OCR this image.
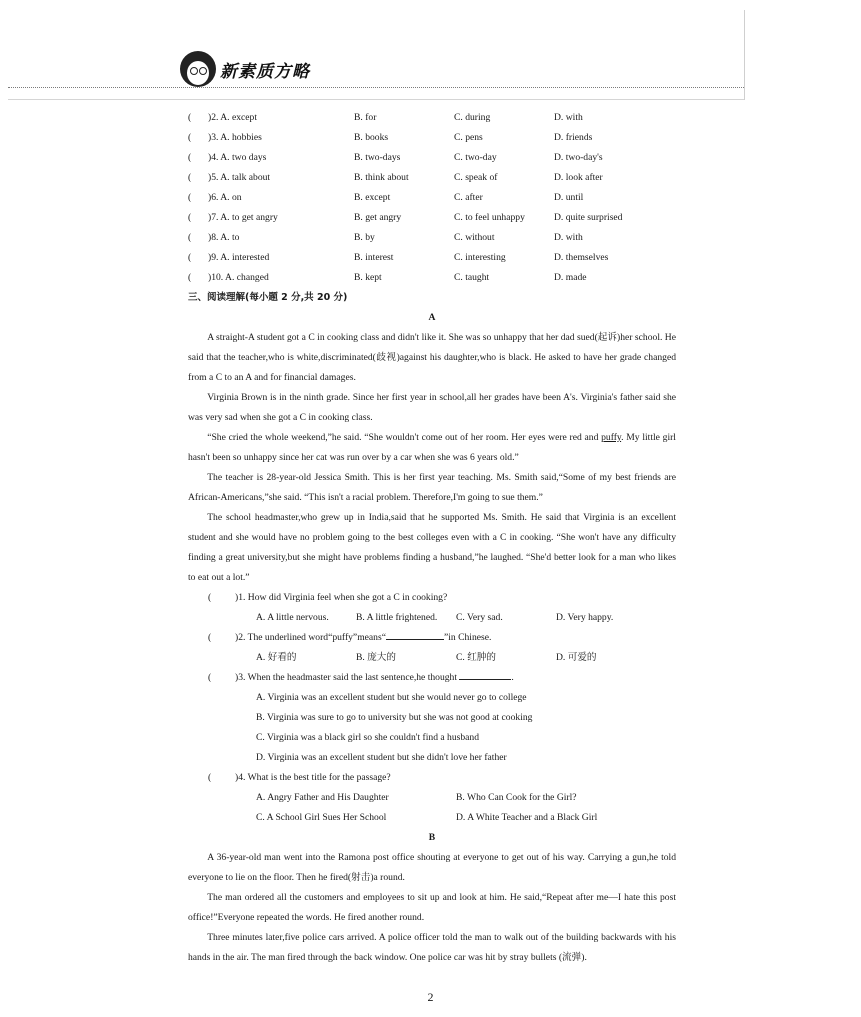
新素质方略
(	)2. A. except	B. for	C. during	D. with
(	)3. A. hobbies	B. books	C. pens	D. friends
(	)4. A. two days	B. two-days	C. two-day	D. two-day's
(	)5. A. talk about	B. think about	C. speak of	D. look after
(	)6. A. on	B. except	C. after	D. until
(	)7. A. to get angry	B. get angry	C. to feel unhappy	D. quite surprised
(	)8. A. to	B. by	C. without	D. with
(	)9. A. interested	B. interest	C. interesting	D. themselves
(	)10. A. changed	B. kept	C. taught	D. made
三、阅读理解(每小题 2 分,共 20 分)
A
A straight-A student got a C in cooking class and didn't like it. She was so unhappy that her dad sued(起诉)her school. He said that the teacher,who is white,discriminated(歧视)against his daughter,who is black. He asked to have her grade changed from a C to an A and for financial damages.
Virginia Brown is in the ninth grade. Since her first year in school,all her grades have been A's. Virginia's father said she was very sad when she got a C in cooking class.
“She cried the whole weekend,”he said. “She wouldn't come out of her room. Her eyes were red and puffy. My little girl hasn't been so unhappy since her cat was run over by a car when she was 6 years old.”
The teacher is 28-year-old Jessica Smith. This is her first year teaching. Ms. Smith said,“Some of my best friends are African-Americans,”she said. “This isn't a racial problem. Therefore,I'm going to sue them.”
The school headmaster,who grew up in India,said that he supported Ms. Smith. He said that Virginia is an excellent student and she would have no problem going to the best colleges even with a C in cooking. “She won't have any difficulty finding a great university,but she might have problems finding a husband,”he laughed. “She'd better look for a man who likes to eat out a lot.”
(	)1. How did Virginia feel when she got a C in cooking?
A. A little nervous.	B. A little frightened.	C. Very sad.	D. Very happy.
(	)2. The underlined word“puffy”means“	”in Chinese.
A. 好看的	B. 庞大的	C. 红肿的	D. 可爱的
(	)3. When the headmaster said the last sentence,he thought	.
A. Virginia was an excellent student but she would never go to college
B. Virginia was sure to go to university but she was not good at cooking
C. Virginia was a black girl so she couldn't find a husband
D. Virginia was an excellent student but she didn't love her father
(	)4. What is the best title for the passage?
A. Angry Father and His Daughter	B. Who Can Cook for the Girl?
C. A School Girl Sues Her School	D. A White Teacher and a Black Girl
B
A 36-year-old man went into the Ramona post office shouting at everyone to get out of his way. Carrying a gun,he told everyone to lie on the floor. Then he fired(射击)a round.
The man ordered all the customers and employees to sit up and look at him. He said,“Repeat after me—I hate this post office!”Everyone repeated the words. He fired another round.
Three minutes later,five police cars arrived. A police officer told the man to walk out of the building backwards with his hands in the air. The man fired through the back window. One police car was hit by stray bullets (流弹).
2
